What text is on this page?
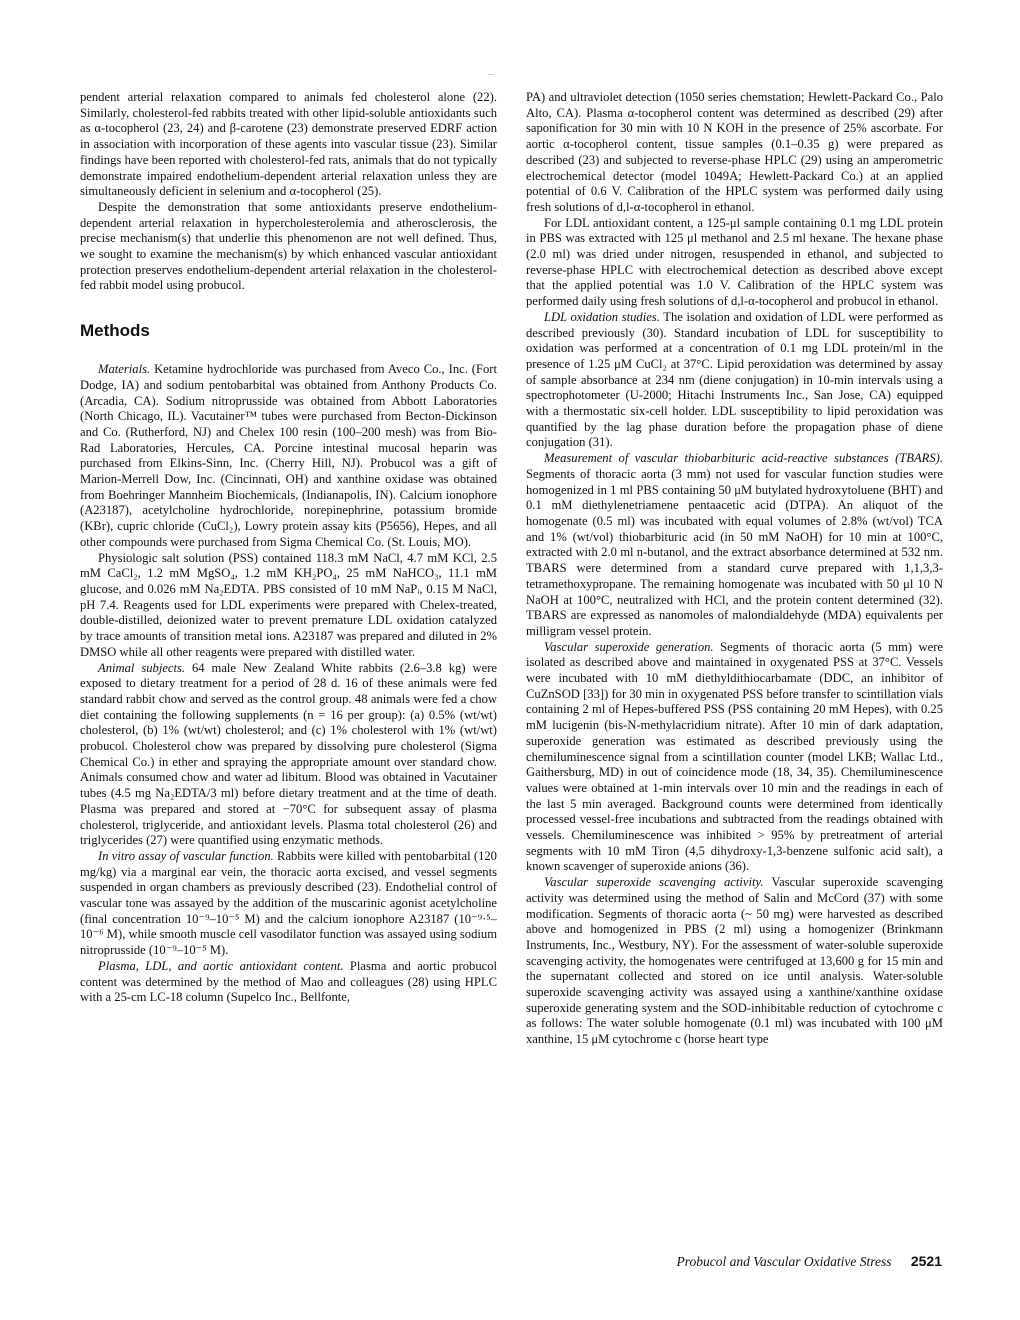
pendent arterial relaxation compared to animals fed cholesterol alone (22). Similarly, cholesterol-fed rabbits treated with other lipid-soluble antioxidants such as α-tocopherol (23, 24) and β-carotene (23) demonstrate preserved EDRF action in association with incorporation of these agents into vascular tissue (23). Similar findings have been reported with cholesterol-fed rats, animals that do not typically demonstrate impaired endothelium-dependent arterial relaxation unless they are simultaneously deficient in selenium and α-tocopherol (25).

Despite the demonstration that some antioxidants preserve endothelium-dependent arterial relaxation in hypercholesterolemia and atherosclerosis, the precise mechanism(s) that underlie this phenomenon are not well defined. Thus, we sought to examine the mechanism(s) by which enhanced vascular antioxidant protection preserves endothelium-dependent arterial relaxation in the cholesterol-fed rabbit model using probucol.

Methods

Materials. Ketamine hydrochloride was purchased from Aveco Co., Inc. (Fort Dodge, IA) and sodium pentobarbital was obtained from Anthony Products Co. (Arcadia, CA). Sodium nitroprusside was obtained from Abbott Laboratories (North Chicago, IL). Vacutainer™ tubes were purchased from Becton-Dickinson and Co. (Rutherford, NJ) and Chelex 100 resin (100–200 mesh) was from Bio-Rad Laboratories, Hercules, CA. Porcine intestinal mucosal heparin was purchased from Elkins-Sinn, Inc. (Cherry Hill, NJ). Probucol was a gift of Marion-Merrell Dow, Inc. (Cincinnati, OH) and xanthine oxidase was obtained from Boehringer Mannheim Biochemicals, (Indianapolis, IN). Calcium ionophore (A23187), acetylcholine hydrochloride, norepinephrine, potassium bromide (KBr), cupric chloride (CuCl₂), Lowry protein assay kits (P5656), Hepes, and all other compounds were purchased from Sigma Chemical Co. (St. Louis, MO).

Physiologic salt solution (PSS) contained 118.3 mM NaCl, 4.7 mM KCl, 2.5 mM CaCl₂, 1.2 mM MgSO₄, 1.2 mM KH₂PO₄, 25 mM NaHCO₃, 11.1 mM glucose, and 0.026 mM Na₂EDTA. PBS consisted of 10 mM NaPᵢ, 0.15 M NaCl, pH 7.4. Reagents used for LDL experiments were prepared with Chelex-treated, double-distilled, deionized water to prevent premature LDL oxidation catalyzed by trace amounts of transition metal ions. A23187 was prepared and diluted in 2% DMSO while all other reagents were prepared with distilled water.

Animal subjects. 64 male New Zealand White rabbits (2.6–3.8 kg) were exposed to dietary treatment for a period of 28 d. 16 of these animals were fed standard rabbit chow and served as the control group. 48 animals were fed a chow diet containing the following supplements (n = 16 per group): (a) 0.5% (wt/wt) cholesterol, (b) 1% (wt/wt) cholesterol; and (c) 1% cholesterol with 1% (wt/wt) probucol. Cholesterol chow was prepared by dissolving pure cholesterol (Sigma Chemical Co.) in ether and spraying the appropriate amount over standard chow. Animals consumed chow and water ad libitum. Blood was obtained in Vacutainer tubes (4.5 mg Na₂EDTA/3 ml) before dietary treatment and at the time of death. Plasma was prepared and stored at −70°C for subsequent assay of plasma cholesterol, triglyceride, and antioxidant levels. Plasma total cholesterol (26) and triglycerides (27) were quantified using enzymatic methods.

In vitro assay of vascular function. Rabbits were killed with pentobarbital (120 mg/kg) via a marginal ear vein, the thoracic aorta excised, and vessel segments suspended in organ chambers as previously described (23). Endothelial control of vascular tone was assayed by the addition of the muscarinic agonist acetylcholine (final concentration 10⁻⁹–10⁻⁵ M) and the calcium ionophore A23187 (10⁻⁹·⁵–10⁻⁶ M), while smooth muscle cell vasodilator function was assayed using sodium nitroprusside (10⁻⁹–10⁻⁵ M).

Plasma, LDL, and aortic antioxidant content. Plasma and aortic probucol content was determined by the method of Mao and colleagues (28) using HPLC with a 25-cm LC-18 column (Supelco Inc., Bellfonte,

PA) and ultraviolet detection (1050 series chemstation; Hewlett-Packard Co., Palo Alto, CA). Plasma α-tocopherol content was determined as described (29) after saponification for 30 min with 10 N KOH in the presence of 25% ascorbate. For aortic α-tocopherol content, tissue samples (0.1–0.35 g) were prepared as described (23) and subjected to reverse-phase HPLC (29) using an amperometric electrochemical detector (model 1049A; Hewlett-Packard Co.) at an applied potential of 0.6 V. Calibration of the HPLC system was performed daily using fresh solutions of d,l-α-tocopherol in ethanol.

For LDL antioxidant content, a 125-μl sample containing 0.1 mg LDL protein in PBS was extracted with 125 μl methanol and 2.5 ml hexane. The hexane phase (2.0 ml) was dried under nitrogen, resuspended in ethanol, and subjected to reverse-phase HPLC with electrochemical detection as described above except that the applied potential was 1.0 V. Calibration of the HPLC system was performed daily using fresh solutions of d,l-α-tocopherol and probucol in ethanol.

LDL oxidation studies. The isolation and oxidation of LDL were performed as described previously (30). Standard incubation of LDL for susceptibility to oxidation was performed at a concentration of 0.1 mg LDL protein/ml in the presence of 1.25 μM CuCl₂ at 37°C. Lipid peroxidation was determined by assay of sample absorbance at 234 nm (diene conjugation) in 10-min intervals using a spectrophotometer (U-2000; Hitachi Instruments Inc., San Jose, CA) equipped with a thermostatic six-cell holder. LDL susceptibility to lipid peroxidation was quantified by the lag phase duration before the propagation phase of diene conjugation (31).

Measurement of vascular thiobarbituric acid-reactive substances (TBARS). Segments of thoracic aorta (3 mm) not used for vascular function studies were homogenized in 1 ml PBS containing 50 μM butylated hydroxytoluene (BHT) and 0.1 mM diethylenetriamene pentaacetic acid (DTPA). An aliquot of the homogenate (0.5 ml) was incubated with equal volumes of 2.8% (wt/vol) TCA and 1% (wt/vol) thiobarbituric acid (in 50 mM NaOH) for 10 min at 100°C, extracted with 2.0 ml n-butanol, and the extract absorbance determined at 532 nm. TBARS were determined from a standard curve prepared with 1,1,3,3-tetramethoxypropane. The remaining homogenate was incubated with 50 μl 10 N NaOH at 100°C, neutralized with HCl, and the protein content determined (32). TBARS are expressed as nanomoles of malondialdehyde (MDA) equivalents per milligram vessel protein.

Vascular superoxide generation. Segments of thoracic aorta (5 mm) were isolated as described above and maintained in oxygenated PSS at 37°C. Vessels were incubated with 10 mM diethyldithiocarbamate (DDC, an inhibitor of CuZnSOD [33]) for 30 min in oxygenated PSS before transfer to scintillation vials containing 2 ml of Hepes-buffered PSS (PSS containing 20 mM Hepes), with 0.25 mM lucigenin (bis-N-methylacridium nitrate). After 10 min of dark adaptation, superoxide generation was estimated as described previously using the chemiluminescence signal from a scintillation counter (model LKB; Wallac Ltd., Gaithersburg, MD) in out of coincidence mode (18, 34, 35). Chemiluminescence values were obtained at 1-min intervals over 10 min and the readings in each of the last 5 min averaged. Background counts were determined from identically processed vessel-free incubations and subtracted from the readings obtained with vessels. Chemiluminescence was inhibited > 95% by pretreatment of arterial segments with 10 mM Tiron (4,5 dihydroxy-1,3-benzene sulfonic acid salt), a known scavenger of superoxide anions (36).

Vascular superoxide scavenging activity. Vascular superoxide scavenging activity was determined using the method of Salin and McCord (37) with some modification. Segments of thoracic aorta (~ 50 mg) were harvested as described above and homogenized in PBS (2 ml) using a homogenizer (Brinkmann Instruments, Inc., Westbury, NY). For the assessment of water-soluble superoxide scavenging activity, the homogenates were centrifuged at 13,600 g for 15 min and the supernatant collected and stored on ice until analysis. Water-soluble superoxide scavenging activity was assayed using a xanthine/xanthine oxidase superoxide generating system and the SOD-inhibitable reduction of cytochrome c as follows: The water soluble homogenate (0.1 ml) was incubated with 100 μM xanthine, 15 μM cytochrome c (horse heart type

Probucol and Vascular Oxidative Stress 2521
